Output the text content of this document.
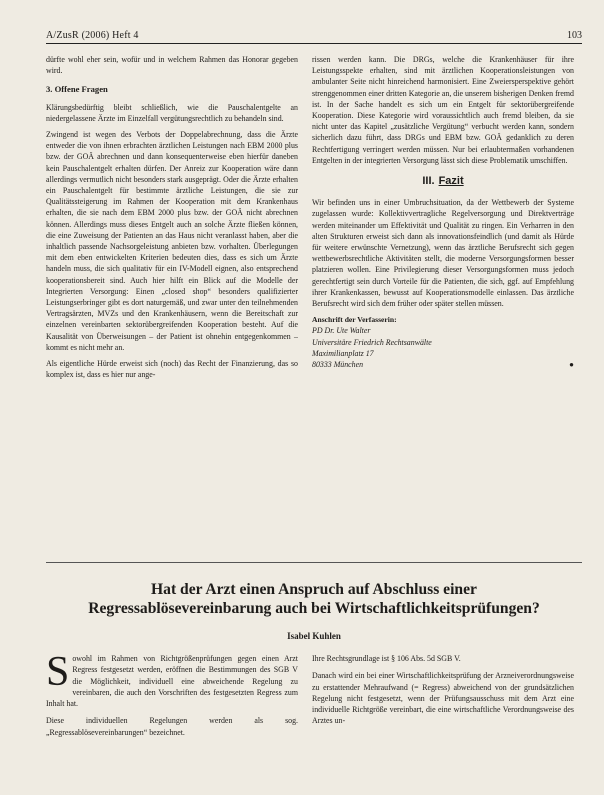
A/ZusR (2006) Heft 4	103

dürfte wohl eher sein, wofür und in welchem Rahmen das Honorar gegeben wird.

3. Offene Fragen

Klärungsbedürftig bleibt schließlich, wie die Pauschalentgelte an niedergelassene Ärzte im Einzelfall vergütungsrechtlich zu behandeln sind.

Zwingend ist wegen des Verbots der Doppelabrechnung, dass die Ärzte entweder die von ihnen erbrachten ärztlichen Leistungen nach EBM 2000 plus bzw. der GOÄ abrechnen und dann konsequenterweise eben hierfür daneben kein Pauschalentgelt erhalten dürfen. Der Anreiz zur Kooperation wäre dann allerdings vermutlich nicht besonders stark ausgeprägt. Oder die Ärzte erhalten ein Pauschalentgelt für bestimmte ärztliche Leistungen, die sie zur Qualitätssteigerung im Rahmen der Kooperation mit dem Krankenhaus erhalten, die sie nach dem EBM 2000 plus bzw. der GOÄ nicht abrechnen können. Allerdings muss dieses Entgelt auch an solche Ärzte fließen können, die eine Zuweisung der Patienten an das Haus nicht veranlasst haben, aber die inhaltlich passende Nachsorgeleistung anbieten bzw. vorhalten. Überlegungen mit dem eben entwickelten Kriterien bedeuten dies, dass es sich um Ärzte handeln muss, die sich qualitativ für ein IV-Modell eignen, also entsprechend kooperationsbereit sind. Auch hier hilft ein Blick auf die Modelle der Integrierten Versorgung: Einen „closed shop“ besonders qualifizierter Leistungserbringer gibt es dort naturgemäß, und zwar unter den teilnehmenden Vertragsärzten, MVZs und den Krankenhäusern, wenn die Bereitschaft zur einzelnen vereinbarten sektorübergreifenden Kooperation besteht. Auf die Kausalität von Überweisungen – der Patient ist ohnehin entgegenkommen – kommt es nicht mehr an.

Als eigentliche Hürde erweist sich (noch) das Recht der Finanzierung, das so komplex ist, dass es hier nur ange-

rissen werden kann. Die DRGs, welche die Krankenhäuser für ihre Leistungsspekte erhalten, sind mit ärztlichen Kooperationsleistungen von ambulanter Seite nicht hinreichend harmonisiert. Eine Zweiersperspektive gehört strenggenommen einer dritten Kategorie an, die unserem bisherigen Denken fremd ist. In der Sache handelt es sich um ein Entgelt für sektorübergreifende Kooperation. Diese Kategorie wird voraussichtlich auch fremd bleiben, da sie nicht unter das Kapitel „zusätzliche Vergütung“ verbucht werden kann, sondern sicherlich dazu führt, dass DRGs und EBM bzw. GOÄ gedanklich zu deren Rechtfertigung verringert werden müssen. Nur bei erlaubtermaßen vorhandenen Entgelten in der integrierten Versorgung lässt sich diese Problematik umschiffen.

III. Fazit

Wir befinden uns in einer Umbruchsituation, da der Wettbewerb der Systeme zugelassen wurde: Kollektivvertragliche Regelversorgung und Direktverträge werden miteinander um Effektivität und Qualität zu ringen. Ein Verharren in den alten Strukturen erweist sich dann als innovationsfeindlich (und damit als Hürde für weitere erwünschte Vernetzung), wenn das ärztliche Berufsrecht sich gegen wettbewerbsrechtliche Aktivitäten stellt, die moderne Versorgungsformen besser platzieren wollen. Eine Privilegierung dieser Versorgungsformen muss jedoch gerechtfertigt sein durch Vorteile für die Patienten, die sich, ggf. auf Empfehlung ihrer Krankenkassen, bewusst auf Kooperationsmodelle einlassen. Das ärztliche Berufsrecht wird sich dem früher oder später stellen müssen.

Anschrift der Verfasserin:
PD Dr. Ute Walter
Universitäre Friedrich Rechtsanwälte
Maximilianplatz 17
80333 München	●
Hat der Arzt einen Anspruch auf Abschluss einer
Regressablösevereinbarung auch bei Wirtschaftlichkeitsprüfungen?
Isabel Kuhlen

Sowohl im Rahmen von Richtgrößenprüfungen gegen einen Arzt Regress festgesetzt werden, eröffnen die Bestimmungen des SGB V die Möglichkeit, individuell eine abweichende Regelung zu vereinbaren, die auch den Vorschriften des festgesetzten Regress zum Inhalt hat.

Diese individuellen Regelungen werden als sog. „Regressablösevereinbarungen“ bezeichnet.

Ihre Rechtsgrundlage ist § 106 Abs. 5d SGB V.

Danach wird ein bei einer Wirtschaftlichkeitsprüfung der Arzneiverordnungsweise zu erstattender Mehraufwand (= Regress) abweichend von der grundsätzlichen Regelung nicht festgesetzt, wenn der Prüfungsausschuss mit dem Arzt eine individuelle Richtgröße vereinbart, die eine wirtschaftliche Verordnungsweise des Arztes un-
